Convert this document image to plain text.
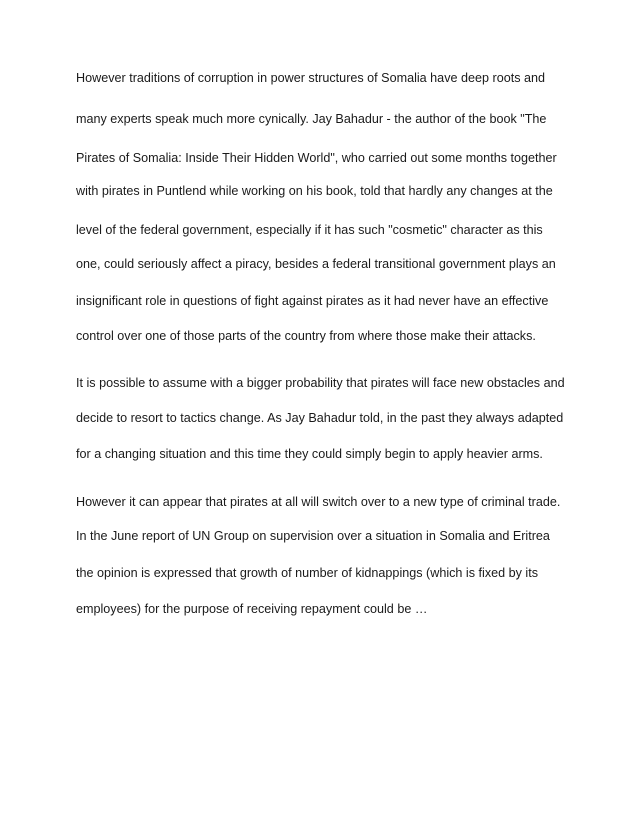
However traditions of corruption in power structures of Somalia have deep roots and
many experts speak much more cynically. Jay Bahadur - the author of the book "The
Pirates of Somalia: Inside Their Hidden World", who carried out some months together
with pirates in Puntlend while working on his book, told that hardly any changes at the
level of the federal government, especially if it has such "cosmetic" character as this
one, could seriously affect a piracy, besides a federal transitional government plays an
insignificant role in questions of fight against pirates as it had never have an effective
control over one of those parts of the country from where those make their attacks.
It is possible to assume with a bigger probability that pirates will face new obstacles and
decide to resort to tactics change. As Jay Bahadur told, in the past they always adapted
for a changing situation and this time they could simply begin to apply heavier arms.
However it can appear that pirates at all will switch over to a new type of criminal trade.
In the June report of UN Group on supervision over a situation in Somalia and Eritrea
the opinion is expressed that growth of number of kidnappings (which is fixed by its
employees) for the purpose of receiving repayment could be …
